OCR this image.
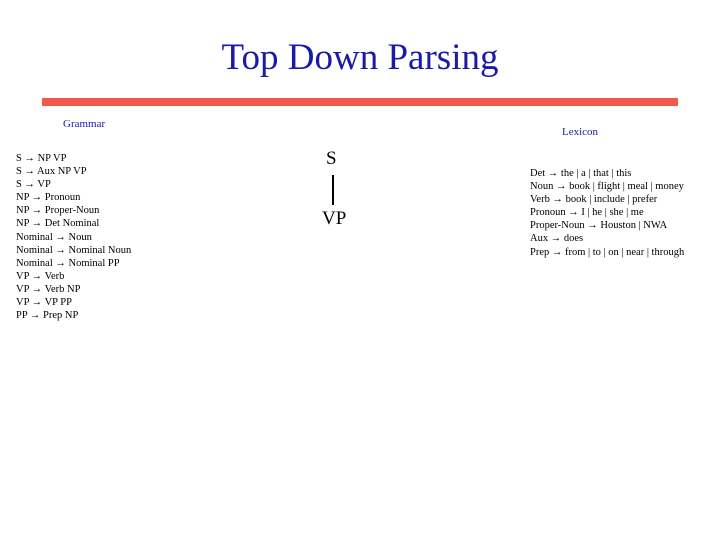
Top Down Parsing
Grammar
S → NP VP
S → Aux NP VP
S → VP
NP → Pronoun
NP → Proper-Noun
NP → Det Nominal
Nominal → Noun
Nominal → Nominal Noun
Nominal → Nominal PP
VP → Verb
VP → Verb NP
VP → VP PP
PP → Prep NP
S
VP
Lexicon
Det → the | a | that | this
Noun → book | flight | meal | money
Verb → book | include | prefer
Pronoun → I | he | she | me
Proper-Noun → Houston | NWA
Aux → does
Prep → from | to | on | near | through
